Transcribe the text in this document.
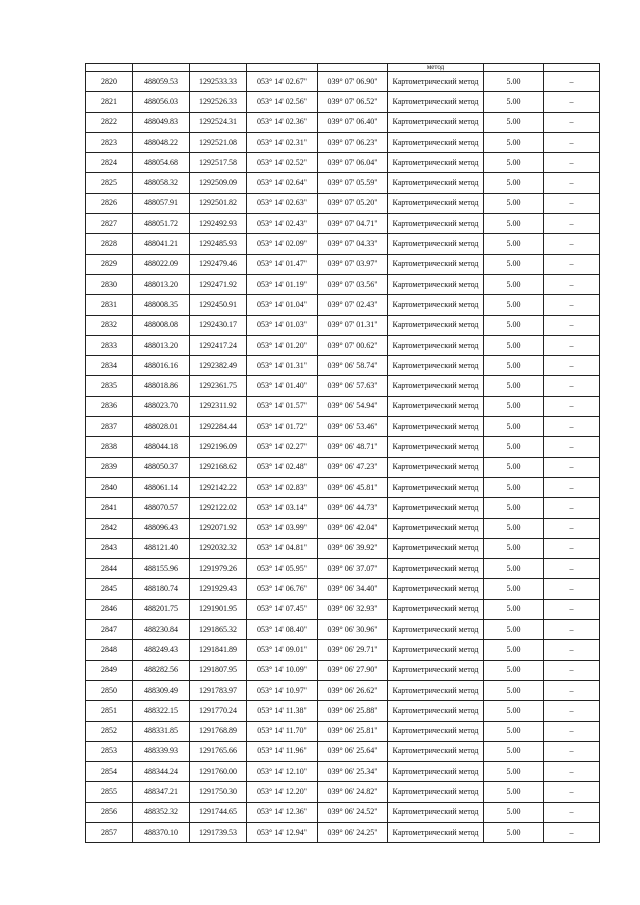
					метод		
2820	488059.53	1292533.33	053° 14' 02.67"	039° 07' 06.90"	Картометрический метод	5.00	–
2821	488056.03	1292526.33	053° 14' 02.56"	039° 07' 06.52"	Картометрический метод	5.00	–
2822	488049.83	1292524.31	053° 14' 02.36"	039° 07' 06.40"	Картометрический метод	5.00	–
2823	488048.22	1292521.08	053° 14' 02.31"	039° 07' 06.23"	Картометрический метод	5.00	–
2824	488054.68	1292517.58	053° 14' 02.52"	039° 07' 06.04"	Картометрический метод	5.00	–
2825	488058.32	1292509.09	053° 14' 02.64"	039° 07' 05.59"	Картометрический метод	5.00	–
2826	488057.91	1292501.82	053° 14' 02.63"	039° 07' 05.20"	Картометрический метод	5.00	–
2827	488051.72	1292492.93	053° 14' 02.43"	039° 07' 04.71"	Картометрический метод	5.00	–
2828	488041.21	1292485.93	053° 14' 02.09"	039° 07' 04.33"	Картометрический метод	5.00	–
2829	488022.09	1292479.46	053° 14' 01.47"	039° 07' 03.97"	Картометрический метод	5.00	–
2830	488013.20	1292471.92	053° 14' 01.19"	039° 07' 03.56"	Картометрический метод	5.00	–
2831	488008.35	1292450.91	053° 14' 01.04"	039° 07' 02.43"	Картометрический метод	5.00	–
2832	488008.08	1292430.17	053° 14' 01.03"	039° 07' 01.31"	Картометрический метод	5.00	–
2833	488013.20	1292417.24	053° 14' 01.20"	039° 07' 00.62"	Картометрический метод	5.00	–
2834	488016.16	1292382.49	053° 14' 01.31"	039° 06' 58.74"	Картометрический метод	5.00	–
2835	488018.86	1292361.75	053° 14' 01.40"	039° 06' 57.63"	Картометрический метод	5.00	–
2836	488023.70	1292311.92	053° 14' 01.57"	039° 06' 54.94"	Картометрический метод	5.00	–
2837	488028.01	1292284.44	053° 14' 01.72"	039° 06' 53.46"	Картометрический метод	5.00	–
2838	488044.18	1292196.09	053° 14' 02.27"	039° 06' 48.71"	Картометрический метод	5.00	–
2839	488050.37	1292168.62	053° 14' 02.48"	039° 06' 47.23"	Картометрический метод	5.00	–
2840	488061.14	1292142.22	053° 14' 02.83"	039° 06' 45.81"	Картометрический метод	5.00	–
2841	488070.57	1292122.02	053° 14' 03.14"	039° 06' 44.73"	Картометрический метод	5.00	–
2842	488096.43	1292071.92	053° 14' 03.99"	039° 06' 42.04"	Картометрический метод	5.00	–
2843	488121.40	1292032.32	053° 14' 04.81"	039° 06' 39.92"	Картометрический метод	5.00	–
2844	488155.96	1291979.26	053° 14' 05.95"	039° 06' 37.07"	Картометрический метод	5.00	–
2845	488180.74	1291929.43	053° 14' 06.76"	039° 06' 34.40"	Картометрический метод	5.00	–
2846	488201.75	1291901.95	053° 14' 07.45"	039° 06' 32.93"	Картометрический метод	5.00	–
2847	488230.84	1291865.32	053° 14' 08.40"	039° 06' 30.96"	Картометрический метод	5.00	–
2848	488249.43	1291841.89	053° 14' 09.01"	039° 06' 29.71"	Картометрический метод	5.00	–
2849	488282.56	1291807.95	053° 14' 10.09"	039° 06' 27.90"	Картометрический метод	5.00	–
2850	488309.49	1291783.97	053° 14' 10.97"	039° 06' 26.62"	Картометрический метод	5.00	–
2851	488322.15	1291770.24	053° 14' 11.38"	039° 06' 25.88"	Картометрический метод	5.00	–
2852	488331.85	1291768.89	053° 14' 11.70"	039° 06' 25.81"	Картометрический метод	5.00	–
2853	488339.93	1291765.66	053° 14' 11.96"	039° 06' 25.64"	Картометрический метод	5.00	–
2854	488344.24	1291760.00	053° 14' 12.10"	039° 06' 25.34"	Картометрический метод	5.00	–
2855	488347.21	1291750.30	053° 14' 12.20"	039° 06' 24.82"	Картометрический метод	5.00	–
2856	488352.32	1291744.65	053° 14' 12.36"	039° 06' 24.52"	Картометрический метод	5.00	–
2857	488370.10	1291739.53	053° 14' 12.94"	039° 06' 24.25"	Картометрический метод	5.00	–
